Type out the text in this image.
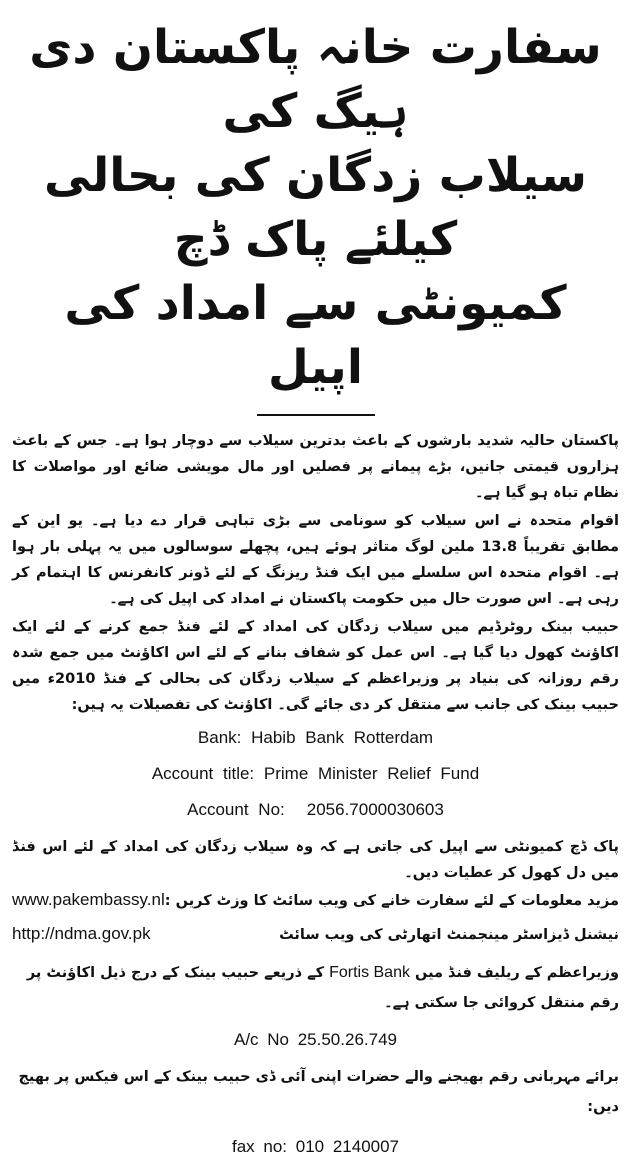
سفارت خانہ پاکستان دی ہیگ کی

سیلاب زدگان کی بحالی کیلئے پاک ڈچ

کمیونٹی سے امداد کی اپیل

پاکستان حالیہ شدید بارشوں کے باعث بدترین سیلاب سے دوچار ہوا ہے۔ جس کے باعث ہزاروں قیمتی جانیں، بڑے پیمانے پر فصلیں اور مال مویشی ضائع اور مواصلات کا نظام تباہ ہو گیا ہے۔

اقوام متحدہ نے اس سیلاب کو سونامی سے بڑی تباہی قرار دے دیا ہے۔ یو این کے مطابق تقریباً 13.8 ملین لوگ متاثر ہوئے ہیں، پچھلے سوسالوں میں یہ پہلی بار ہوا ہے۔ اقوام متحدہ اس سلسلے میں ایک فنڈ ریزنگ کے لئے ڈونر کانفرنس کا اہتمام کر رہی ہے۔ اس صورت حال میں حکومت پاکستان نے امداد کی اپیل کی ہے۔

حبیب بینک روٹرڈیم میں سیلاب زدگان کی امداد کے لئے فنڈ جمع کرنے کے لئے ایک اکاؤنٹ کھول دیا گیا ہے۔ اس عمل کو شفاف بنانے کے لئے اس اکاؤنٹ میں جمع شدہ رقم روزانہ کی بنیاد پر وزیراعظم کے سیلاب زدگان کی بحالی کے فنڈ 2010ء میں حبیب بینک کی جانب سے منتقل کر دی جائے گی۔ اکاؤنٹ کی تفصیلات یہ ہیں:

Bank: Habib Bank Rotterdam

Account title: Prime Minister Relief Fund

Account No: 2056.7000030603

پاک ڈچ کمیونٹی سے اپیل کی جاتی ہے کہ وہ سیلاب زدگان کی امداد کے لئے اس فنڈ میں دل کھول کر عطیات دیں۔

مزید معلومات کے لئے سفارت خانے کی ویب سائٹ کا وزٹ کریں :
www.pakembassy.nl
نیشنل ڈیزاسٹر مینجمنٹ اتھارٹی کی ویب سائٹ
http://ndma.gov.pk

وزیراعظم کے ریلیف فنڈ میں Fortis Bank کے ذریعے حبیب بینک کے درج ذیل اکاؤنٹ پر رقم منتقل کروائی جا سکتی ہے۔

A/c No 25.50.26.749

برائے مہربانی رقم بھیجنے والے حضرات اپنی آئی ڈی حبیب بینک کے اس فیکس پر بھیج دیں:

fax no: 010 2140007
